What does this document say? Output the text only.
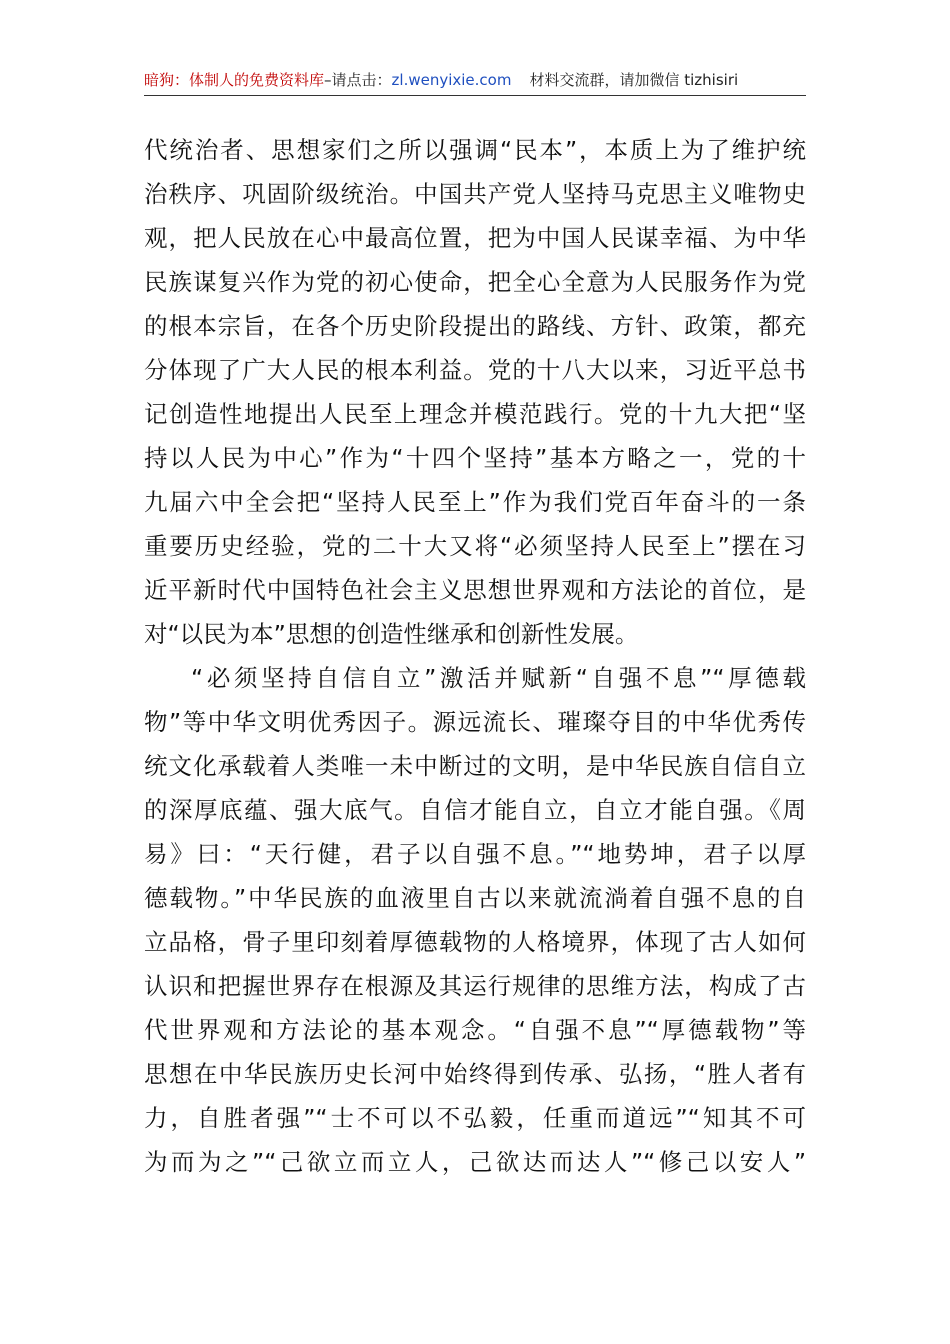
暗狗：体制人的免费资料库–请点击：zl.wenyixie.com 材料交流群，请加微信 tizhisiri
代统治者、思想家们之所以强调“民本”，本质上为了维护统
治秩序、巩固阶级统治。中国共产党人坚持马克思主义唯物史
观，把人民放在心中最高位置，把为中国人民谋幸福、为中华
民族谋复兴作为党的初心使命，把全心全意为人民服务作为党
的根本宗旨，在各个历史阶段提出的路线、方针、政策，都充
分体现了广大人民的根本利益。党的十八大以来，习近平总书
记创造性地提出人民至上理念并模范践行。党的十九大把“坚
持以人民为中心”作为“十四个坚持”基本方略之一，党的十
九届六中全会把“坚持人民至上”作为我们党百年奋斗的一条
重要历史经验，党的二十大又将“必须坚持人民至上”摆在习
近平新时代中国特色社会主义思想世界观和方法论的首位，是
对“以民为本”思想的创造性继承和创新性发展。
“必须坚持自信自立”激活并赋新“自强不息”“厚德载
物”等中华文明优秀因子。源远流长、璀璨夺目的中华优秀传
统文化承载着人类唯一未中断过的文明，是中华民族自信自立
的深厚底蕴、强大底气。自信才能自立，自立才能自强。《周
易》曰：“天行健，君子以自强不息。”“地势坤，君子以厚
德载物。”中华民族的血液里自古以来就流淌着自强不息的自
立品格，骨子里印刻着厚德载物的人格境界，体现了古人如何
认识和把握世界存在根源及其运行规律的思维方法，构成了古
代世界观和方法论的基本观念。“自强不息”“厚德载物”等
思想在中华民族历史长河中始终得到传承、弘扬，“胜人者有
力，自胜者强”“士不可以不弘毅，任重而道远”“知其不可
为而为之”“己欲立而立人，己欲达而达人”“修己以安人”
